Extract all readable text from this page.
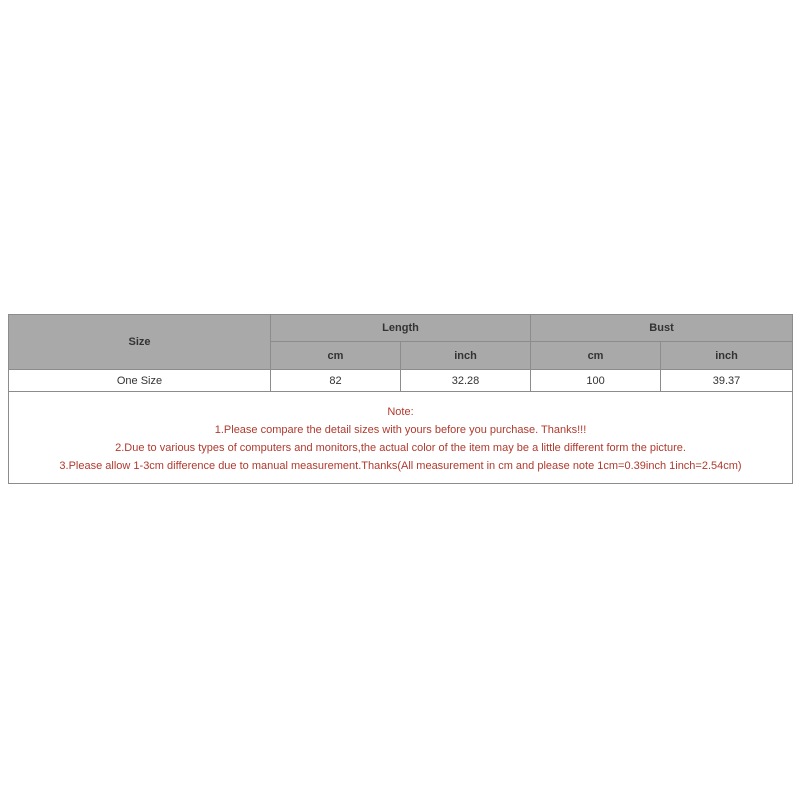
Size	Length		Bust	
	cm	inch	cm	inch
One Size	82	32.28	100	39.37

Note:
1.Please compare the detail sizes with yours before you purchase. Thanks!!!
2.Due to various types of computers and monitors,the actual color of the item may be a little different form the picture.
3.Please allow 1-3cm difference due to manual measurement.Thanks(All measurement in cm and please note 1cm=0.39inch 1inch=2.54cm)				
